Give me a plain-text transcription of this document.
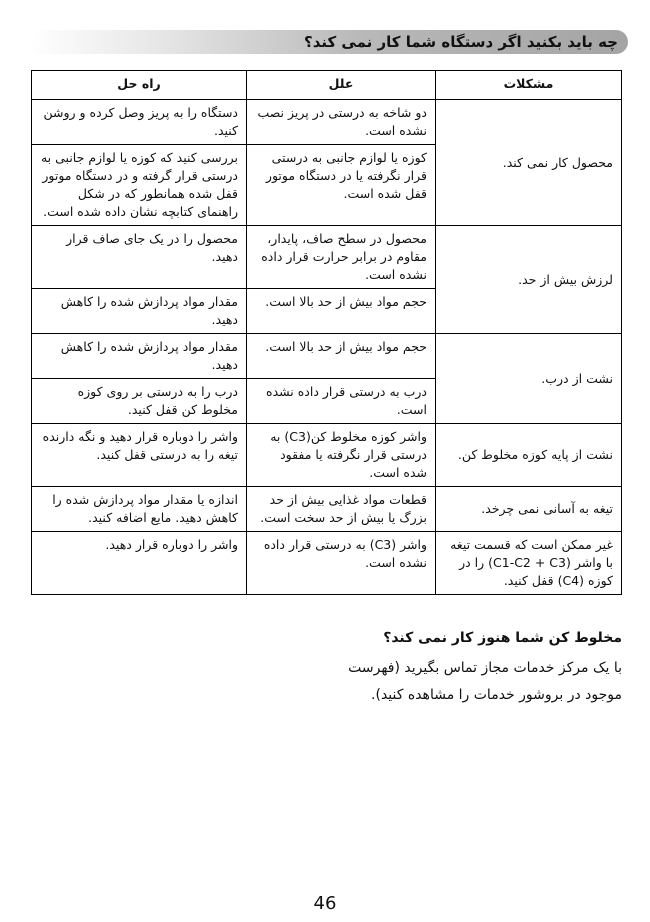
چه باید بکنید اگر دستگاه شما کار نمی کند؟
مشکلات	علل	راه حل
محصول کار نمی کند.	دو شاخه به درستی در پریز نصب نشده است.	دستگاه را به پریز وصل کرده و روشن کنید.
	کوزه یا لوازم جانبی به درستی قرار نگرفته یا در دستگاه موتور قفل شده است.	بررسی کنید که کوزه یا لوازم جانبی به درستی قرار گرفته و در دستگاه موتور قفل شده همانطور که در شکل راهنمای کتابچه نشان داده شده است.
لرزش بیش از حد.	محصول در سطح صاف، پایدار، مقاوم در برابر حرارت قرار داده نشده است.	محصول را در یک جای صاف قرار دهید.
	حجم مواد بیش از حد بالا است.	مقدار مواد پردازش شده را کاهش دهید.
نشت از درب.	حجم مواد بیش از حد بالا است.	مقدار مواد پردازش شده را کاهش دهید.
	درب به درستی قرار داده نشده است.	درب را به درستی بر روی کوزه مخلوط کن قفل کنید.
نشت از پایه کوزه مخلوط کن.	واشر کوزه مخلوط کن(C3) به درستی قرار نگرفته یا مفقود شده است.	واشر را دوباره قرار دهید و نگه دارنده تیغه را به درستی قفل کنید.
تیغه به آسانی نمی چرخد.	قطعات مواد غذایی بیش از حد بزرگ یا بیش از حد سخت است.	اندازه یا مقدار مواد پردازش شده را کاهش دهید. مایع اضافه کنید.
غیر ممکن است که قسمت تیغه با واشر (C1-C2 + C3) را در کوزه (C4) قفل کنید.	واشر (C3) به درستی قرار داده نشده است.	واشر را دوباره قرار دهید.
مخلوط کن شما هنوز کار نمی کند؟
با یک مرکز خدمات مجاز تماس بگیرید (فهرست موجود در بروشور خدمات را مشاهده کنید).
46
